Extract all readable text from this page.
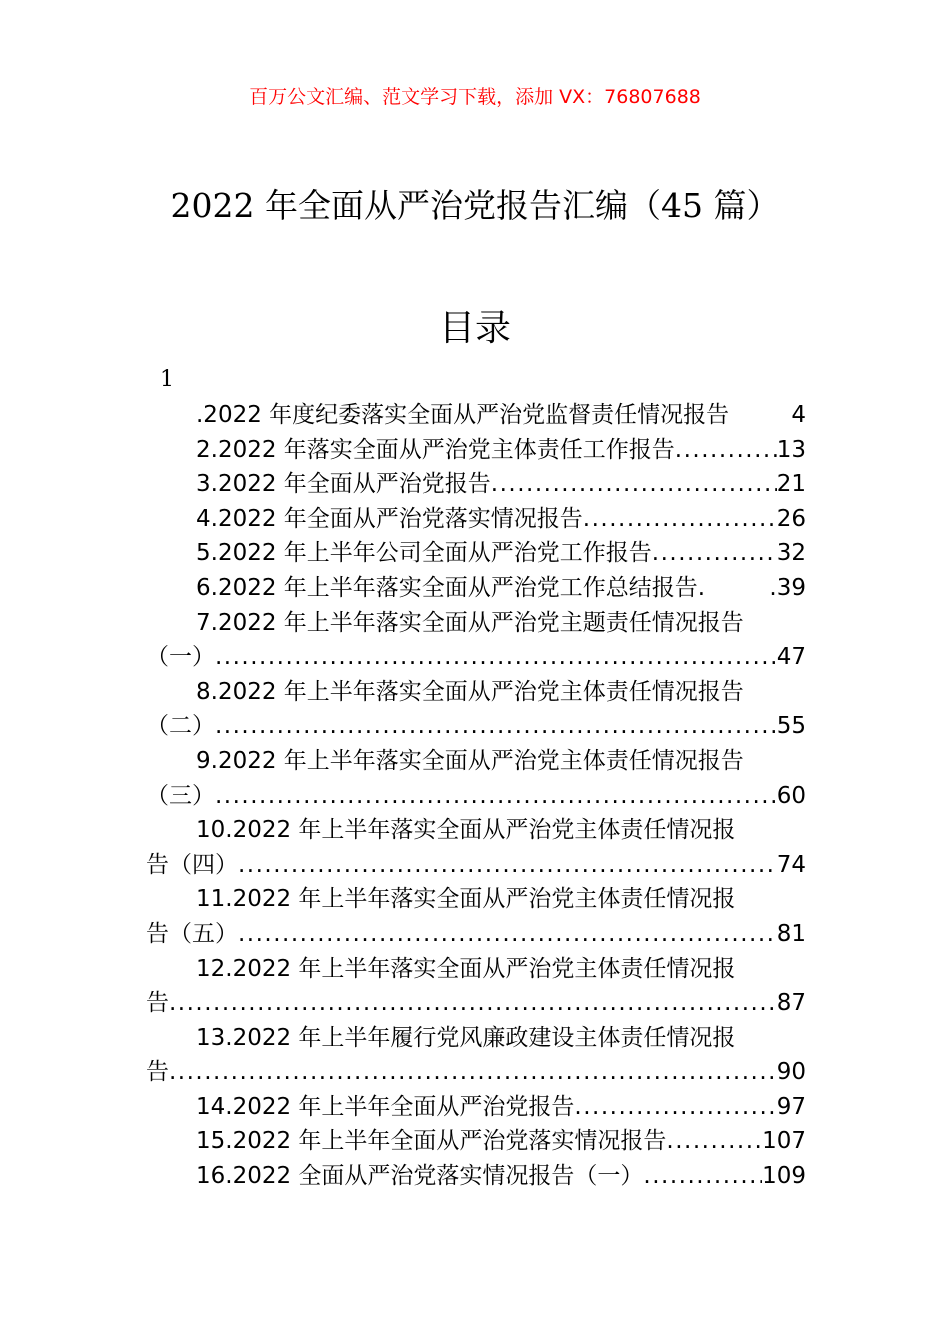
百万公文汇编、范文学习下载，添加 VX：76807688
2022 年全面从严治党报告汇编（45 篇）
目录
1
.2022 年度纪委落实全面从严治党监督责任情况报告	4
2.2022 年落实全面从严治党主体责任工作报告 .....	13
3.2022 年全面从严治党报告 .....	21
4.2022 年全面从严治党落实情况报告 .....	26
5.2022 年上半年公司全面从严治党工作报告 .....	32
6.2022 年上半年落实全面从严治党工作总结报告.	.39
7.2022 年上半年落实全面从严治党主题责任情况报告
（一） .....	47
8.2022 年上半年落实全面从严治党主体责任情况报告
（二） .....	55
9.2022 年上半年落实全面从严治党主体责任情况报告
（三） .....	60
10.2022 年上半年落实全面从严治党主体责任情况报
告（四） .....	74
11.2022 年上半年落实全面从严治党主体责任情况报
告（五） .....	81
12.2022 年上半年落实全面从严治党主体责任情况报
告 .....	87
13.2022 年上半年履行党风廉政建设主体责任情况报
告 .....	90
14.2022 年上半年全面从严治党报告 .....	97
15.2022 年上半年全面从严治党落实情况报告 .....	107
16.2022 全面从严治党落实情况报告（一） .....	109
